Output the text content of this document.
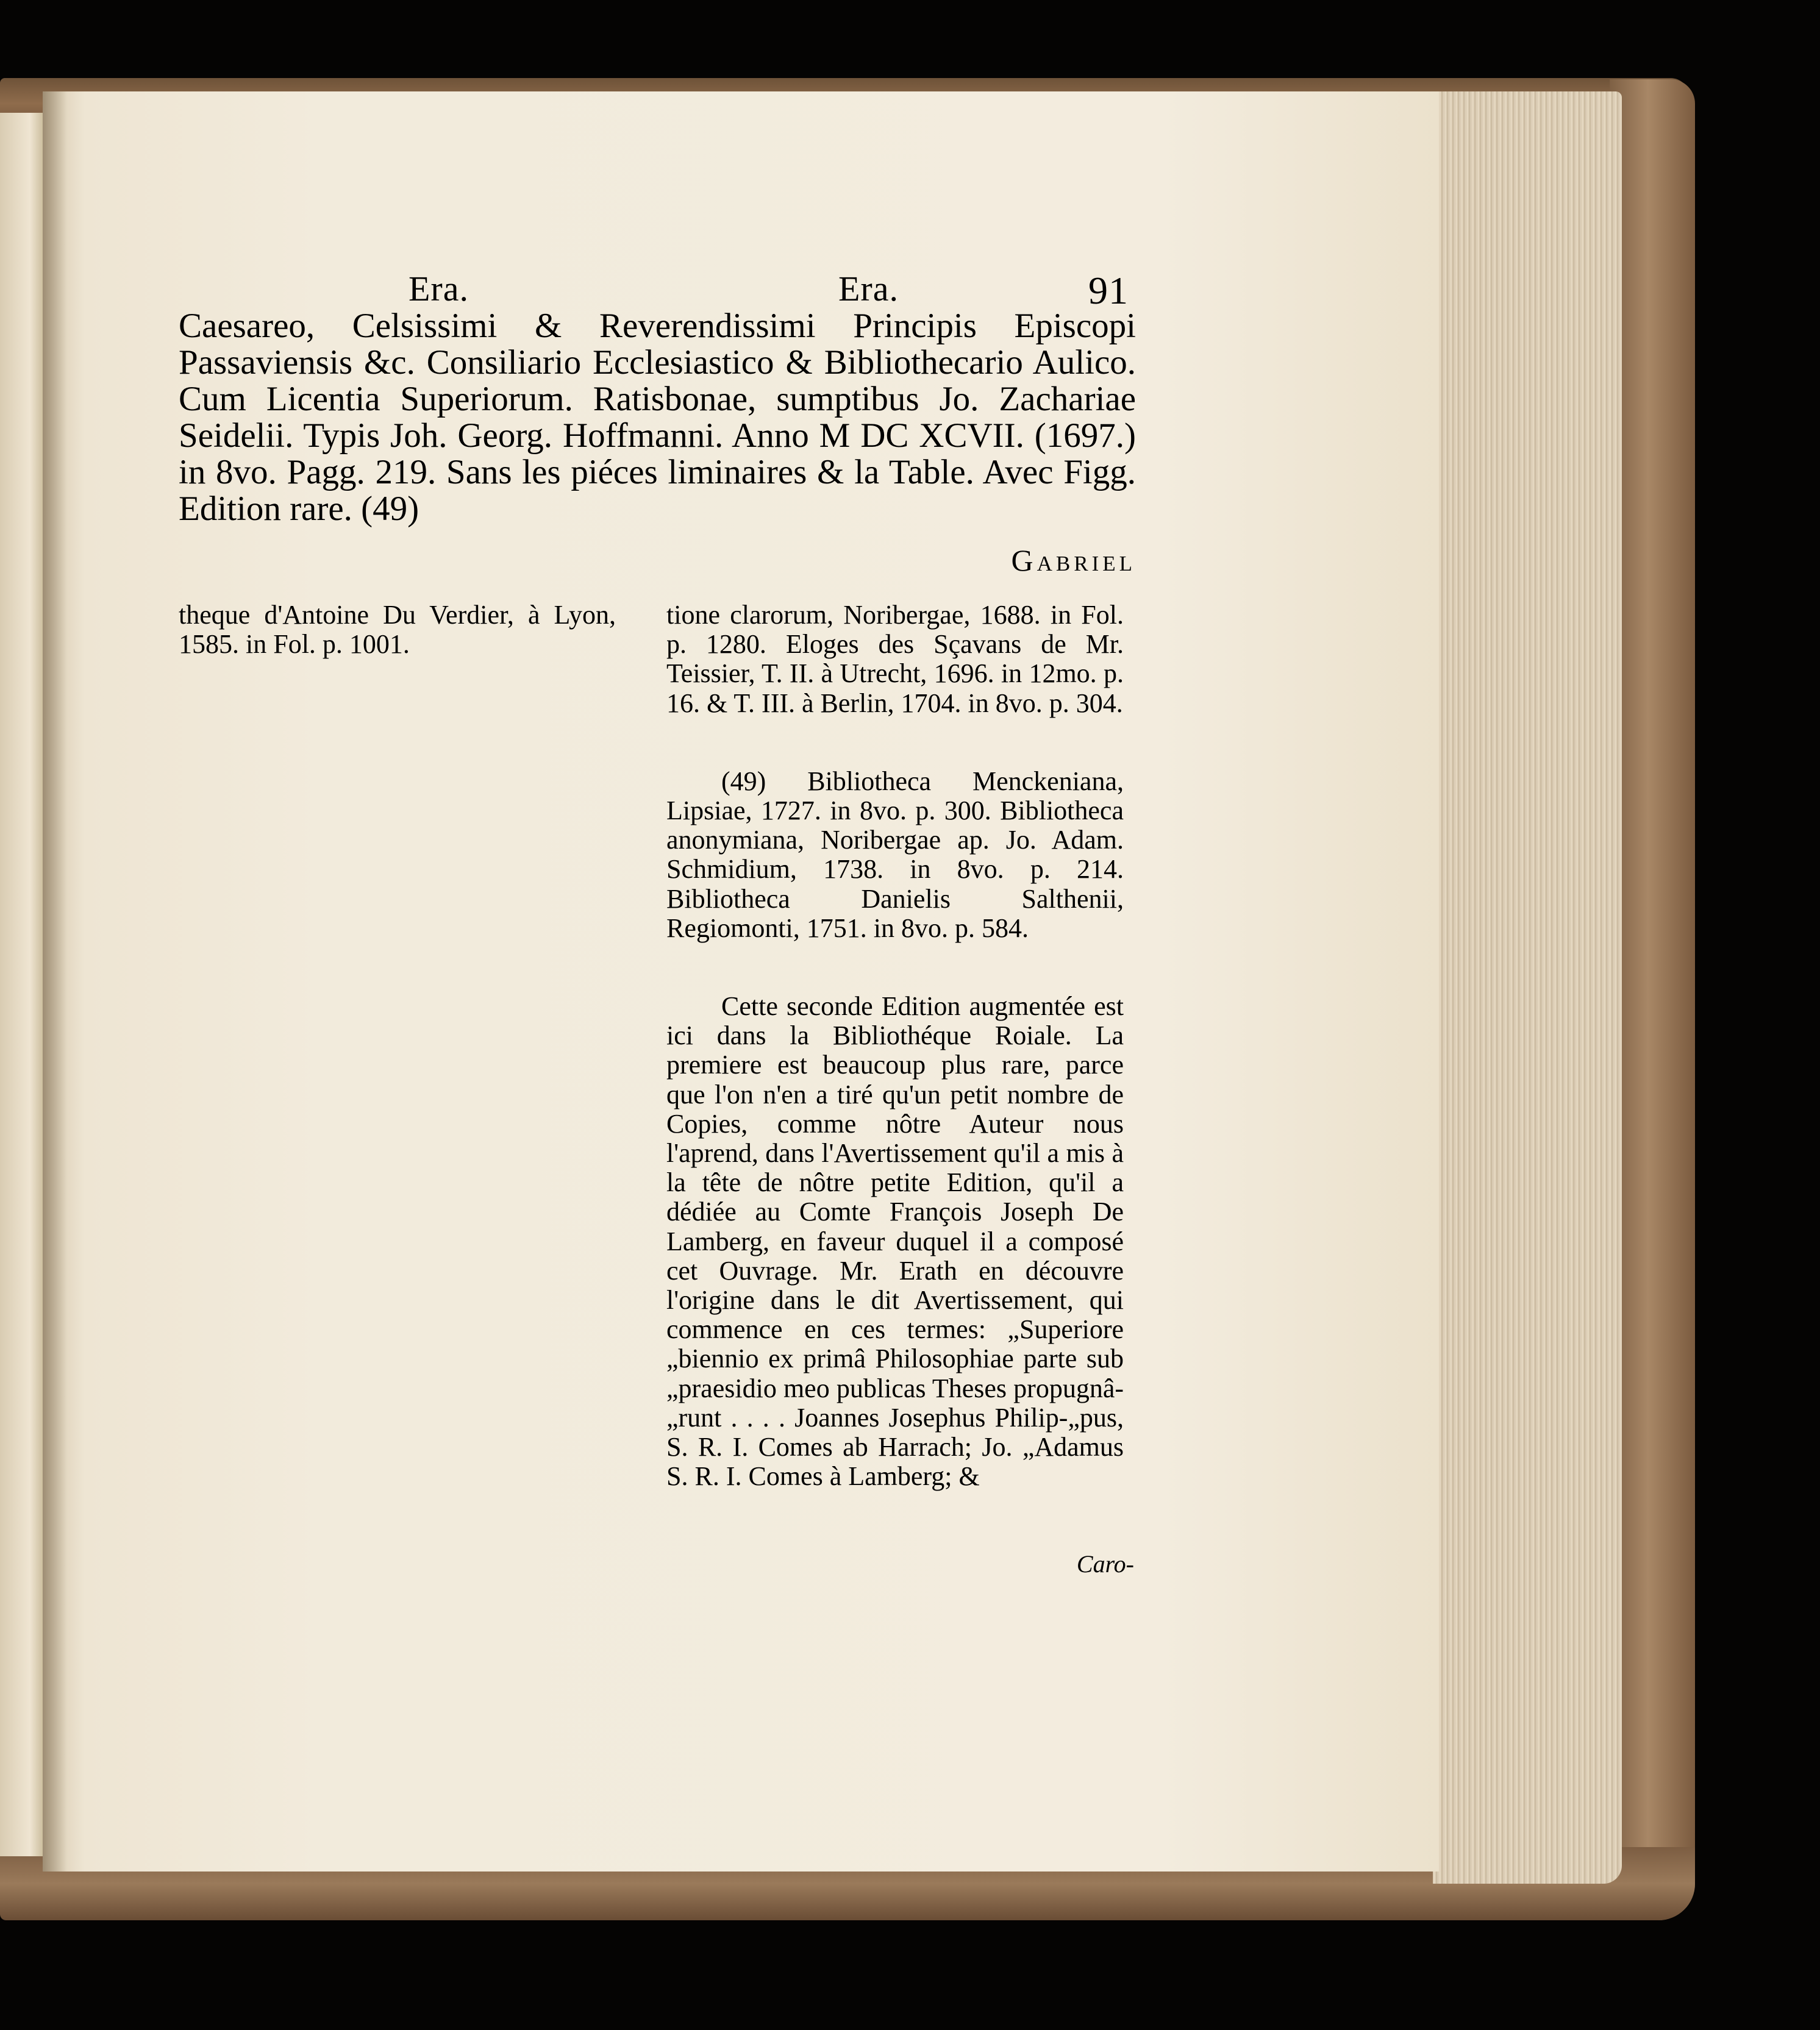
Era.	Era.	91

Caesareo, Celsissimi & Reverendissimi Principis Episcopi Passaviensis &c. Consiliario Ecclesiastico & Bibliothecario Aulico. Cum Licentia Superiorum. Ratisbonae, sumptibus Jo. Zachariae Seidelii. Typis Joh. Georg. Hoffmanni. Anno M DC XCVII. (1697.) in 8vo. Pagg. 219. Sans les piéces liminaires & la Table. Avec Figg. Edition rare. (49)

Gabriel

theque d'Antoine Du Verdier, à Lyon, 1585. in Fol. p. 1001.

tione clarorum, Noribergae, 1688. in Fol. p. 1280. Eloges des Sçavans de Mr. Teissier, T. II. à Utrecht, 1696. in 12mo. p. 16. & T. III. à Berlin, 1704. in 8vo. p. 304.

(49) Bibliotheca Menckeniana, Lipsiae, 1727. in 8vo. p. 300. Bibliotheca anonymiana, Noribergae ap. Jo. Adam. Schmidium, 1738. in 8vo. p. 214. Bibliotheca Danielis Salthenii, Regiomonti, 1751. in 8vo. p. 584.

Cette seconde Edition augmentée est ici dans la Bibliothéque Roiale. La premiere est beaucoup plus rare, parce que l'on n'en a tiré qu'un petit nombre de Copies, comme nôtre Auteur nous l'aprend, dans l'Avertissement qu'il a mis à la tête de nôtre petite Edition, qu'il a dédiée au Comte François Joseph De Lamberg, en faveur duquel il a composé cet Ouvrage. Mr. Erath en découvre l'origine dans le dit Avertissement, qui commence en ces termes: „Superiore „biennio ex primâ Philosophiae parte sub „praesidio meo publicas Theses propugnâ-„runt . . . . Joannes Josephus Philip-„pus, S. R. I. Comes ab Harrach; Jo. „Adamus S. R. I. Comes à Lamberg; &

Caro-
